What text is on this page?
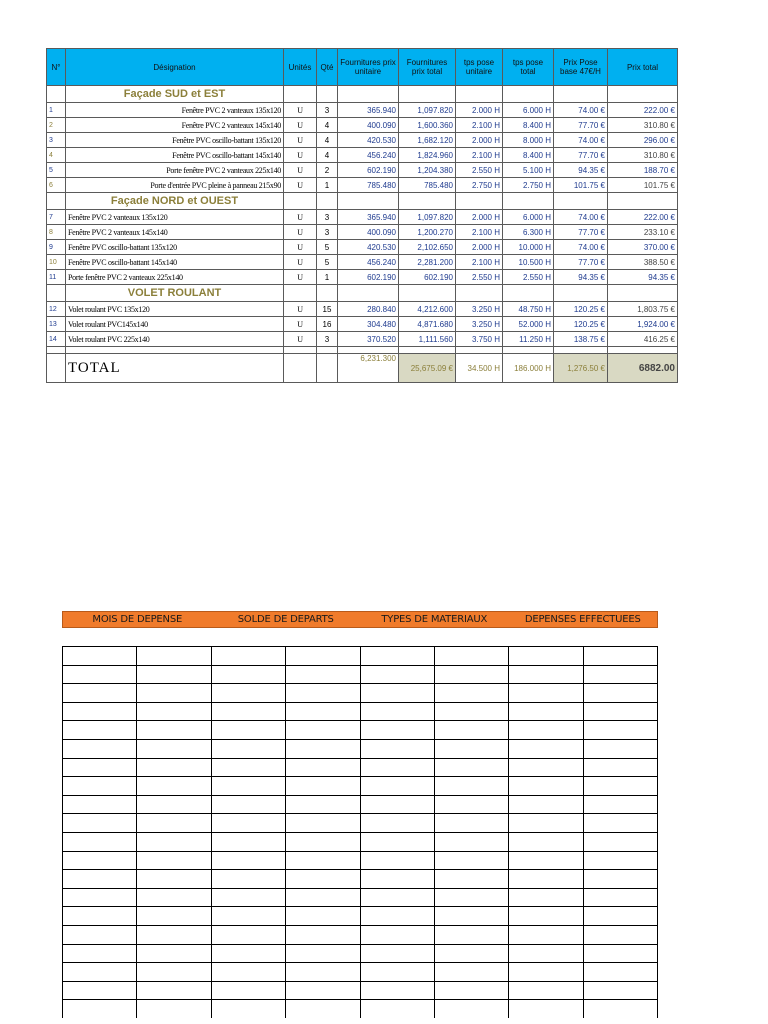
N°	Désignation	Unités	Qté	Fournitures prix unitaire	Fournitures prix total	tps pose unitaire	tps pose total	Prix Pose base 47€/H	Prix total
	Façade SUD et EST								
1	Fenêtre PVC 2 vanteaux 135x120	U	3	365.940	1,097.820	2.000 H	6.000 H	74.00 €	222.00 €
2	Fenêtre PVC 2 vanteaux 145x140	U	4	400.090	1,600.360	2.100 H	8.400 H	77.70 €	310.80 €
3	Fenêtre PVC oscillo-battant 135x120	U	4	420.530	1,682.120	2.000 H	8.000 H	74.00 €	296.00 €
4	Fenêtre PVC oscillo-battant 145x140	U	4	456.240	1,824.960	2.100 H	8.400 H	77.70 €	310.80 €
5	Porte fenêtre PVC 2 vanteaux 225x140	U	2	602.190	1,204.380	2.550 H	5.100 H	94.35 €	188.70 €
6	Porte d'entrée PVC pleine à panneau 215x90	U	1	785.480	785.480	2.750 H	2.750 H	101.75 €	101.75 €
	Façade NORD et OUEST								
7	Fenêtre PVC 2 vanteaux 135x120	U	3	365.940	1,097.820	2.000 H	6.000 H	74.00 €	222.00 €
8	Fenêtre PVC 2 vanteaux 145x140	U	3	400.090	1,200.270	2.100 H	6.300 H	77.70 €	233.10 €
9	Fenêtre PVC oscillo-battant 135x120	U	5	420.530	2,102.650	2.000 H	10.000 H	74.00 €	370.00 €
10	Fenêtre PVC oscillo-battant 145x140	U	5	456.240	2,281.200	2.100 H	10.500 H	77.70 €	388.50 €
11	Porte fenêtre PVC 2 vanteaux 225x140	U	1	602.190	602.190	2.550 H	2.550 H	94.35 €	94.35 €
	VOLET ROULANT								
12	Volet roulant PVC 135x120	U	15	280.840	4,212.600	3.250 H	48.750 H	120.25 €	1,803.75 €
13	Volet roulant PVC145x140	U	16	304.480	4,871.680	3.250 H	52.000 H	120.25 €	1,924.00 €
14	Volet roulant PVC 225x140	U	3	370.520	1,111.560	3.750 H	11.250 H	138.75 €	416.25 €

	TOTAL			6,231.300	25,675.09 €	34.500 H	186.000 H	1,276.50 €	6882.00
MOIS DE DEPENSE	SOLDE DE DEPARTS	TYPES DE MATERIAUX	DEPENSES EFFECTUEES
